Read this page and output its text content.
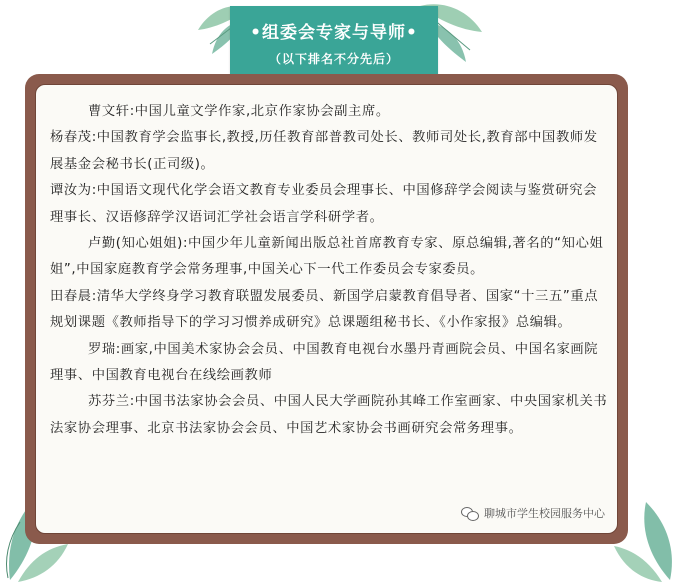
•组委会专家与导师•
（以下排名不分先后）

曹文轩:中国儿童文学作家,北京作家协会副主席。

杨春茂:中国教育学会监事长,教授,历任教育部普教司处长、教师司处长,教育部中国教师发展基金会秘书长(正司级)。

谭汝为:中国语文现代化学会语文教育专业委员会理事长、中国修辞学会阅读与鉴赏研究会理事长、汉语修辞学汉语词汇学社会语言学科研学者。

卢勤(知心姐姐):中国少年儿童新闻出版总社首席教育专家、原总编辑,著名的“知心姐姐”,中国家庭教育学会常务理事,中国关心下一代工作委员会专家委员。

田春晨:清华大学终身学习教育联盟发展委员、新国学启蒙教育倡导者、国家“十三五”重点规划课题《教师指导下的学习习惯养成研究》总课题组秘书长、《小作家报》总编辑。

罗瑞:画家,中国美术家协会会员、中国教育电视台水墨丹青画院会员、中国名家画院理事、中国教育电视台在线绘画教师

苏芬兰:中国书法家协会会员、中国人民大学画院孙其峰工作室画家、中央国家机关书法家协会理事、北京书法家协会会员、中国艺术家协会书画研究会常务理事。

聊城市学生校园服务中心
